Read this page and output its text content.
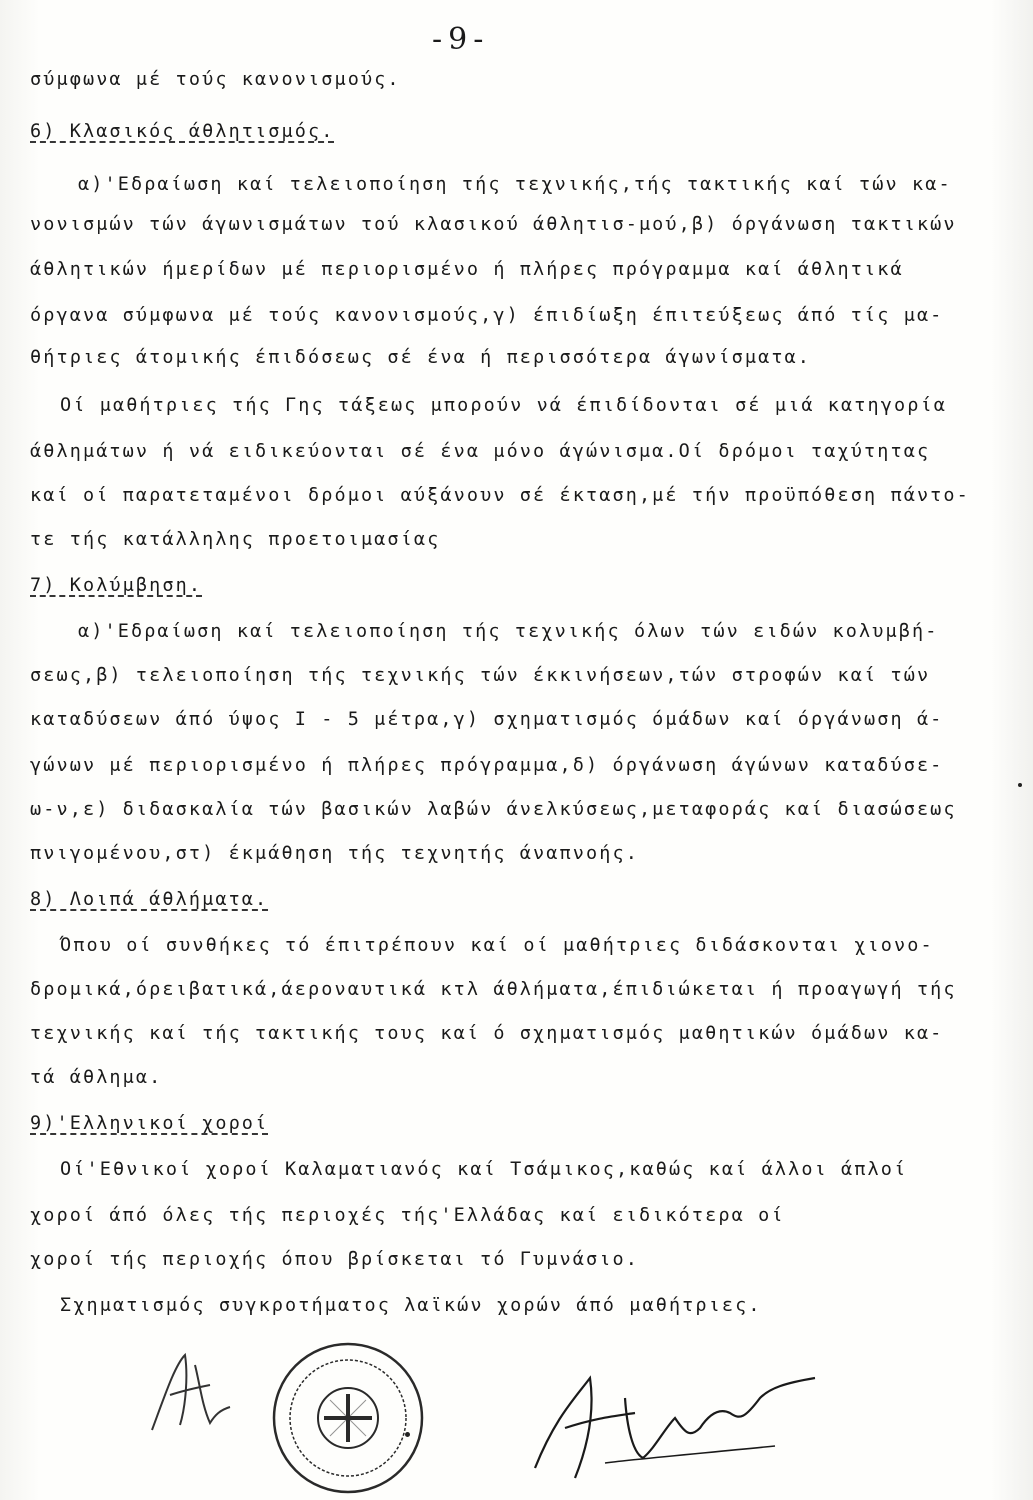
-9-
σύμφωνα μέ τούς κανονισμούς.
6) Κλασικός άθλητισμός.
α)'Εδραίωση καί τελειοποίηση τής τεχνικής,τής τακτικής καί τών κα-
νονισμών τών άγωνισμάτων τού κλασικού άθλητισ-μού,β) όργάνωση τακτικών
άθλητικών ήμερίδων μέ περιορισμένο ή πλήρες πρόγραμμα καί άθλητικά
όργανα σύμφωνα μέ τούς κανονισμούς,γ) έπιδίωξη έπιτεύξεως άπό τίς μα-
θήτριες άτομικής έπιδόσεως σέ ένα ή περισσότερα άγωνίσματα.
Οί μαθήτριες τής Γης τάξεως μπορούν νά έπιδίδονται σέ μιά κατηγορία
άθλημάτων ή νά ειδικεύονται σέ ένα μόνο άγώνισμα.Οί δρόμοι ταχύτητας
καί οί παρατεταμένοι δρόμοι αύξάνουν σέ έκταση,μέ τήν προϋπόθεση πάντο-
τε τής κατάλληλης προετοιμασίας
7) Κολύμβηση.
α)'Εδραίωση καί τελειοποίηση τής τεχνικής όλων τών ειδών κολυμβή-
σεως,β) τελειοποίηση τής τεχνικής τών έκκινήσεων,τών στροφών καί τών
καταδύσεων άπό ύψος Ι - 5 μέτρα,γ) σχηματισμός όμάδων καί όργάνωση ά-
γώνων μέ περιορισμένο ή πλήρες πρόγραμμα,δ) όργάνωση άγώνων καταδύσε-
ω-ν,ε) διδασκαλία τών βασικών λαβών άνελκύσεως,μεταφοράς καί διασώσεως
πνιγομένου,στ) έκμάθηση τής τεχνητής άναπνοής.
8) Λοιπά άθλήματα.
Όπου οί συνθήκες τό έπιτρέπουν καί οί μαθήτριες διδάσκονται χιονο-
δρομικά,όρειβατικά,άεροναυτικά κτλ άθλήματα,έπιδιώκεται ή προαγωγή τής
τεχνικής καί τής τακτικής τους καί ό σχηματισμός μαθητικών όμάδων κα-
τά άθλημα.
9)'Ελληνικοί χοροί
Οί'Εθνικοί χοροί Καλαματιανός καί Τσάμικος,καθώς καί άλλοι άπλοί
χοροί άπό όλες τής περιοχές τής'Ελλάδας καί ειδικότερα οί
χοροί τής περιοχής όπου βρίσκεται τό Γυμνάσιο.
Σχηματισμός συγκροτήματος λαϊκών χορών άπό μαθήτριες.
